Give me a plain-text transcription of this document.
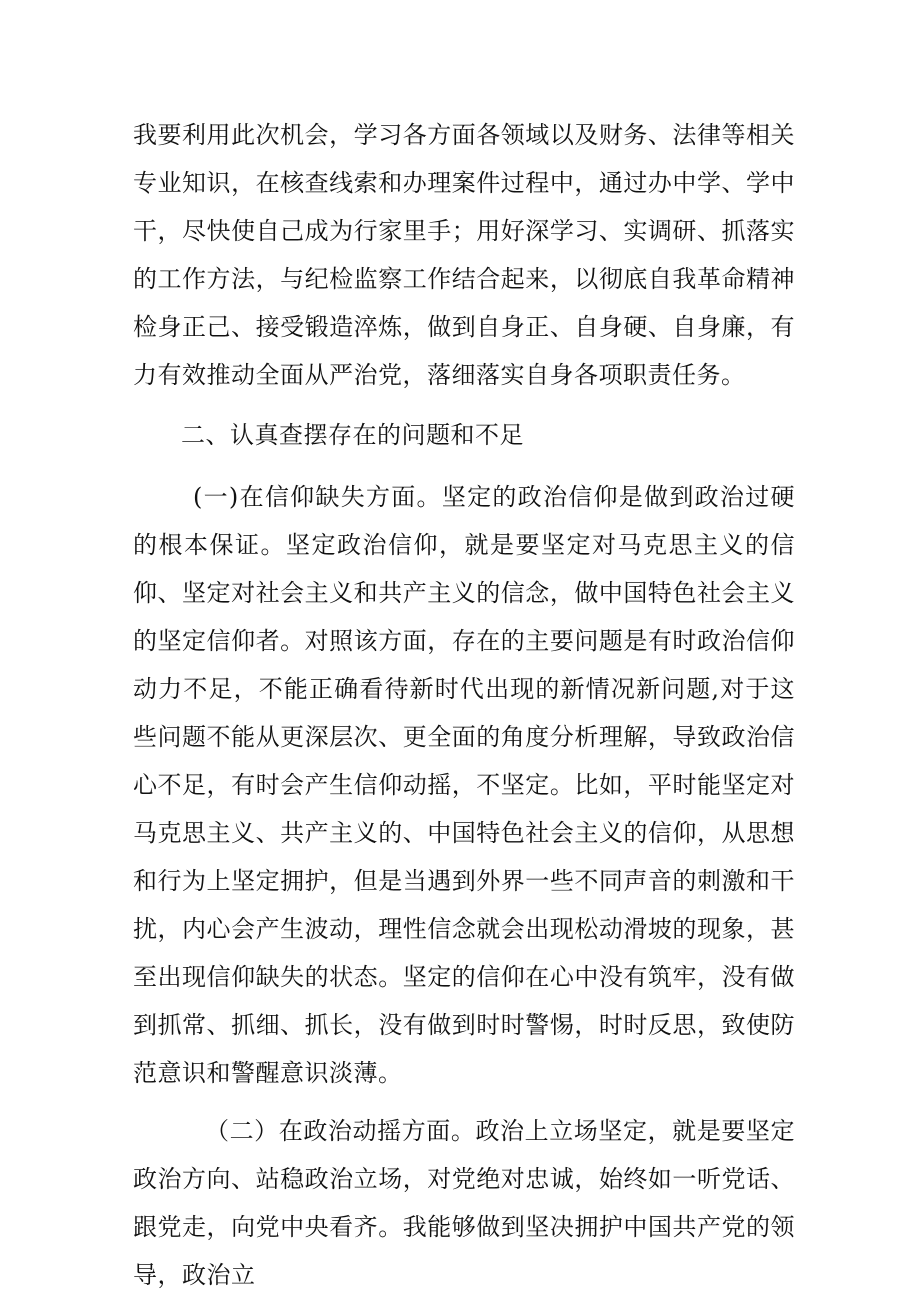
我要利用此次机会，学习各方面各领域以及财务、法律等相关专业知识，在核查线索和办理案件过程中，通过办中学、学中干，尽快使自己成为行家里手；用好深学习、实调研、抓落实的工作方法，与纪检监察工作结合起来，以彻底自我革命精神检身正己、接受锻造淬炼，做到自身正、自身硬、自身廉，有力有效推动全面从严治党，落细落实自身各项职责任务。

二、认真查摆存在的问题和不足

(一)在信仰缺失方面。坚定的政治信仰是做到政治过硬的根本保证。坚定政治信仰，就是要坚定对马克思主义的信仰、坚定对社会主义和共产主义的信念，做中国特色社会主义的坚定信仰者。对照该方面，存在的主要问题是有时政治信仰动力不足，不能正确看待新时代出现的新情况新问题,对于这些问题不能从更深层次、更全面的角度分析理解，导致政治信心不足，有时会产生信仰动摇，不坚定。比如，平时能坚定对马克思主义、共产主义的、中国特色社会主义的信仰，从思想和行为上坚定拥护，但是当遇到外界一些不同声音的刺激和干扰，内心会产生波动，理性信念就会出现松动滑坡的现象，甚至出现信仰缺失的状态。坚定的信仰在心中没有筑牢，没有做到抓常、抓细、抓长，没有做到时时警惕，时时反思，致使防范意识和警醒意识淡薄。

（二）在政治动摇方面。政治上立场坚定，就是要坚定政治方向、站稳政治立场，对党绝对忠诚，始终如一听党话、跟党走，向党中央看齐。我能够做到坚决拥护中国共产党的领导，政治立
